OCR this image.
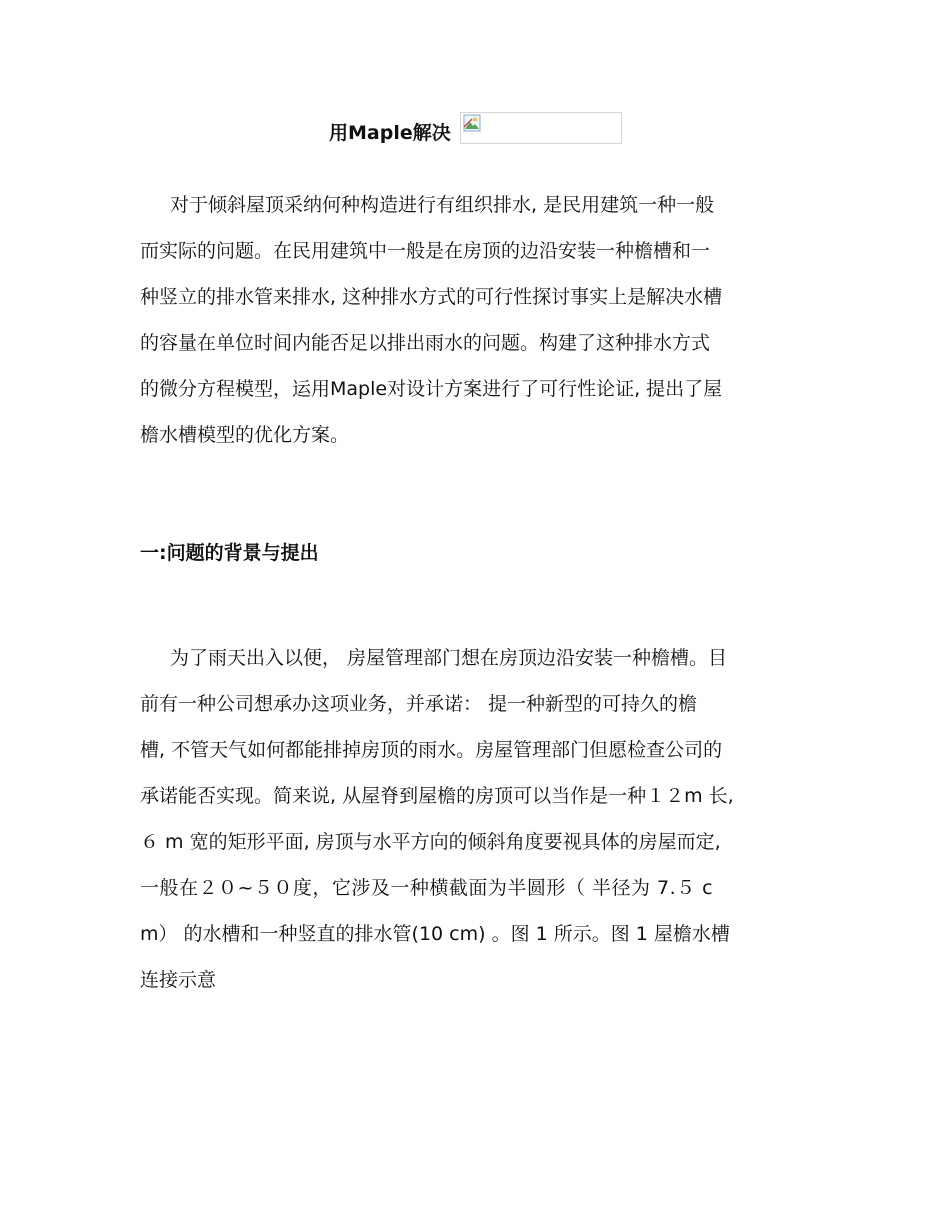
用Maple解决
对于倾斜屋顶采纳何种构造进行有组织排水, 是民用建筑一种一般
而实际的问题。在民用建筑中一般是在房顶的边沿安装一种檐槽和一
种竖立的排水管来排水, 这种排水方式的可行性探讨事实上是解决水槽
的容量在单位时间内能否足以排出雨水的问题。构建了这种排水方式
的微分方程模型，运用Maple对设计方案进行了可行性论证, 提出了屋
檐水槽模型的优化方案。
一:问题的背景与提出
为了雨天出入以便， 房屋管理部门想在房顶边沿安装一种檐槽。目
前有一种公司想承办这项业务，并承诺： 提一种新型的可持久的檐
槽, 不管天气如何都能排掉房顶的雨水。房屋管理部门但愿检查公司的
承诺能否实现。简来说, 从屋脊到屋檐的房顶可以当作是一种１２m 长,
６ m 宽的矩形平面, 房顶与水平方向的倾斜角度要视具体的房屋而定,
一般在２０~５０度，它涉及一种横截面为半圆形（ 半径为 7.５ c
m） 的水槽和一种竖直的排水管(10 cm) 。图 1 所示。图 1 屋檐水槽
连接示意
